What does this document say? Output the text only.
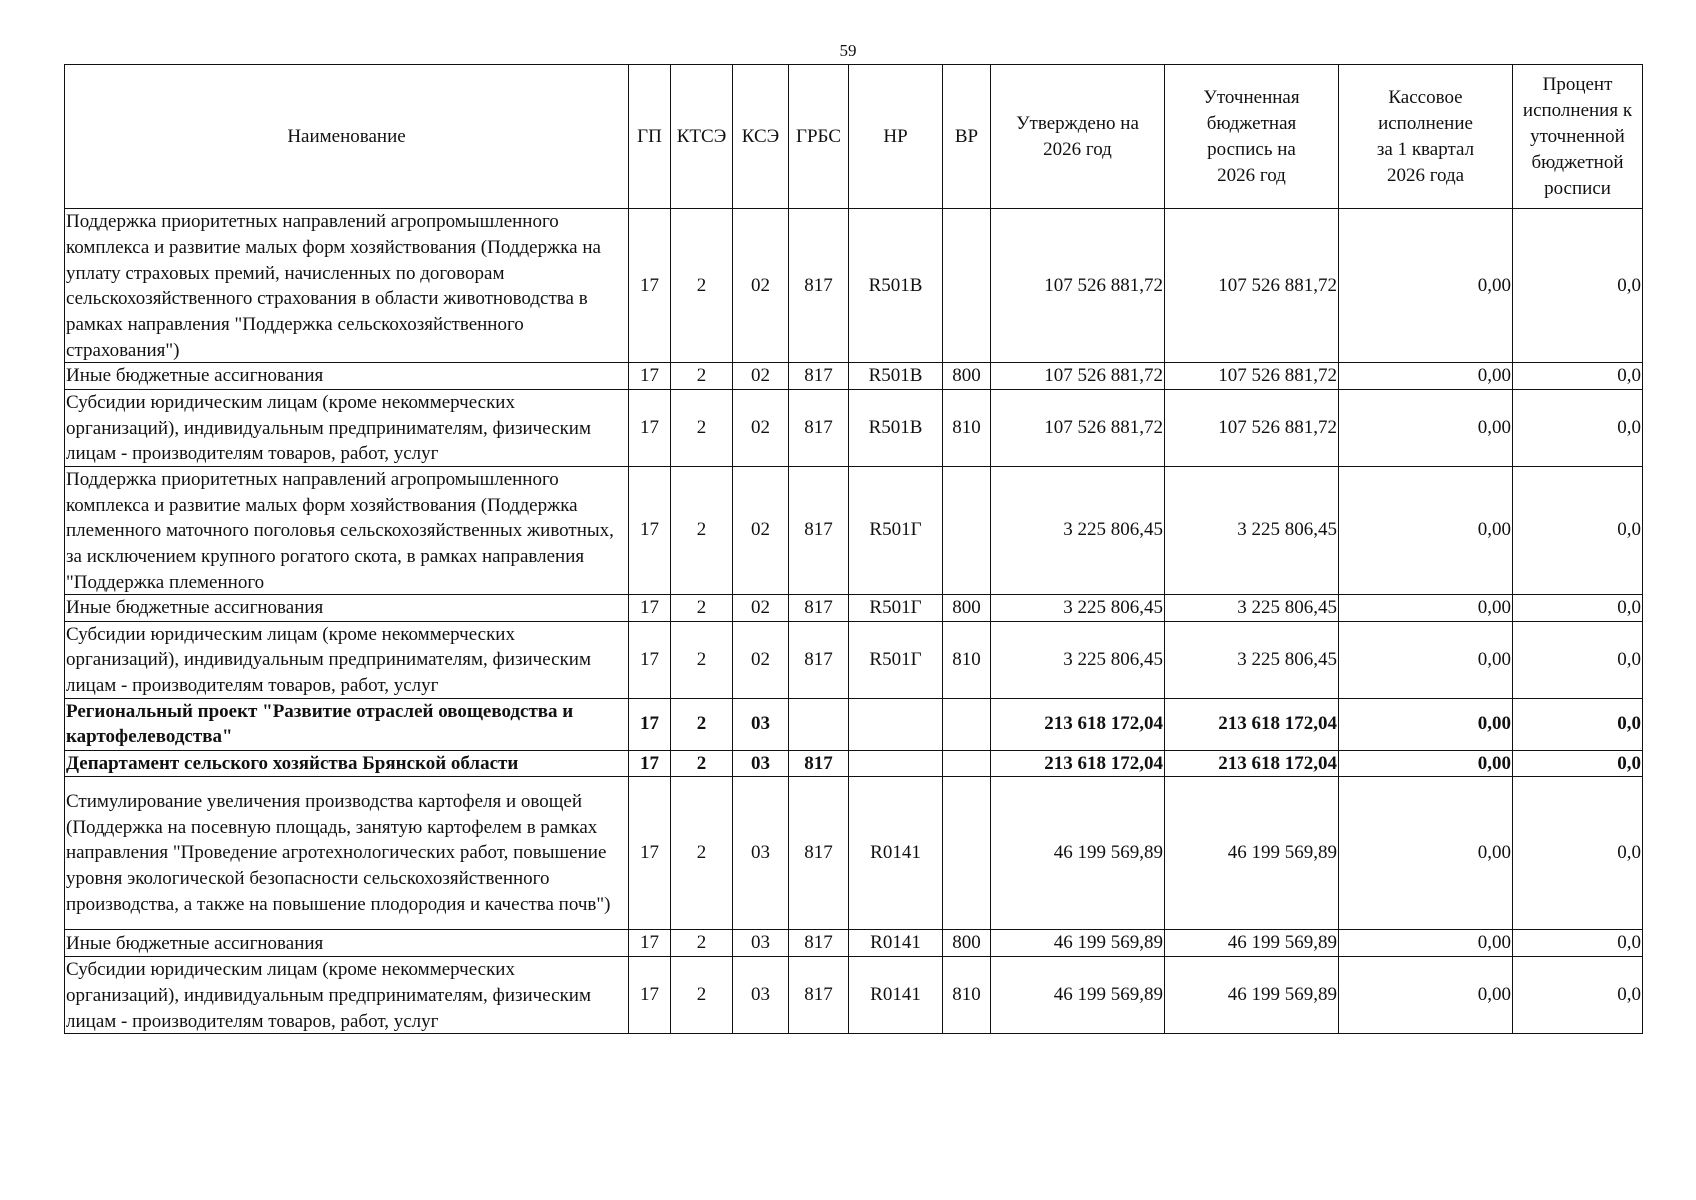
59
Наименование	ГП	КТСЭ	КСЭ	ГРБС	НР	ВР	Утверждено на 2026 год	Уточненная бюджетная роспись на 2026 год	Кассовое исполнение за 1 квартал 2026 года	Процент исполнения к уточненной бюджетной росписи

Поддержка приоритетных направлений агропромышленного комплекса и развитие малых форм хозяйствования (Поддержка на уплату страховых премий, начисленных по договорам сельскохозяйственного страхования в области животноводства в рамках направления "Поддержка сельскохозяйственного страхования")	17	2	02	817	R501В		107 526 881,72	107 526 881,72	0,00	0,0

Иные бюджетные ассигнования	17	2	02	817	R501В	800	107 526 881,72	107 526 881,72	0,00	0,0

Субсидии юридическим лицам (кроме некоммерческих организаций), индивидуальным предпринимателям, физическим лицам - производителям товаров, работ, услуг	17	2	02	817	R501В	810	107 526 881,72	107 526 881,72	0,00	0,0

Поддержка приоритетных направлений агропромышленного комплекса и развитие малых форм хозяйствования (Поддержка племенного маточного поголовья сельскохозяйственных животных, за исключением крупного рогатого скота, в рамках направления "Поддержка племенного	17	2	02	817	R501Г		3 225 806,45	3 225 806,45	0,00	0,0

Иные бюджетные ассигнования	17	2	02	817	R501Г	800	3 225 806,45	3 225 806,45	0,00	0,0

Субсидии юридическим лицам (кроме некоммерческих организаций), индивидуальным предпринимателям, физическим лицам - производителям товаров, работ, услуг	17	2	02	817	R501Г	810	3 225 806,45	3 225 806,45	0,00	0,0

Региональный проект "Развитие отраслей овощеводства и картофелеводства"	17	2	03				213 618 172,04	213 618 172,04	0,00	0,0

Департамент сельского хозяйства Брянской области	17	2	03	817			213 618 172,04	213 618 172,04	0,00	0,0

Стимулирование увеличения производства картофеля и овощей (Поддержка на посевную площадь, занятую картофелем в рамках направления "Проведение агротехнологических работ, повышение уровня экологической безопасности сельскохозяйственного производства, а также на повышение плодородия и качества почв")	17	2	03	817	R0141		46 199 569,89	46 199 569,89	0,00	0,0

Иные бюджетные ассигнования	17	2	03	817	R0141	800	46 199 569,89	46 199 569,89	0,00	0,0

Субсидии юридическим лицам (кроме некоммерческих организаций), индивидуальным предпринимателям, физическим лицам - производителям товаров, работ, услуг	17	2	03	817	R0141	810	46 199 569,89	46 199 569,89	0,00	0,0
